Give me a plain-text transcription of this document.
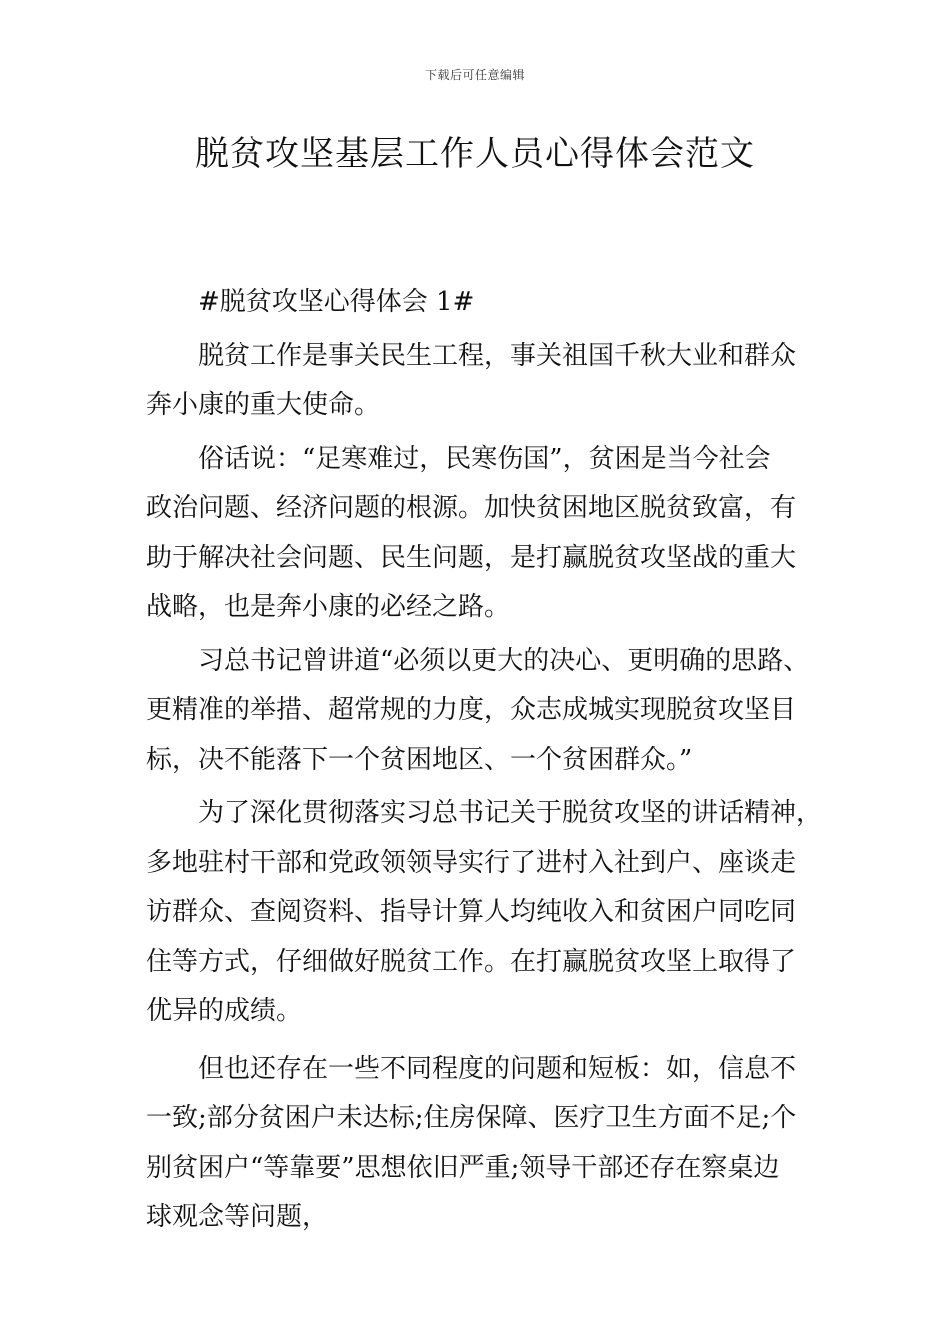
下载后可任意编辑
脱贫攻坚基层工作人员心得体会范文
#脱贫攻坚心得体会 1#
脱贫工作是事关民生工程，事关祖国千秋大业和群众
奔小康的重大使命。
俗话说：“足寒难过，民寒伤国”，贫困是当今社会
政治问题、经济问题的根源。加快贫困地区脱贫致富，有
助于解决社会问题、民生问题，是打赢脱贫攻坚战的重大
战略，也是奔小康的必经之路。
习总书记曾讲道“必须以更大的决心、更明确的思路、
更精准的举措、超常规的力度，众志成城实现脱贫攻坚目
标，决不能落下一个贫困地区、一个贫困群众。”
为了深化贯彻落实习总书记关于脱贫攻坚的讲话精神，
多地驻村干部和党政领领导实行了进村入社到户、座谈走
访群众、查阅资料、指导计算人均纯收入和贫困户同吃同
住等方式，仔细做好脱贫工作。在打赢脱贫攻坚上取得了
优异的成绩。
但也还存在一些不同程度的问题和短板：如，信息不
一致;部分贫困户未达标;住房保障、医疗卫生方面不足;个
别贫困户“等靠要”思想依旧严重;领导干部还存在察桌边
球观念等问题，
